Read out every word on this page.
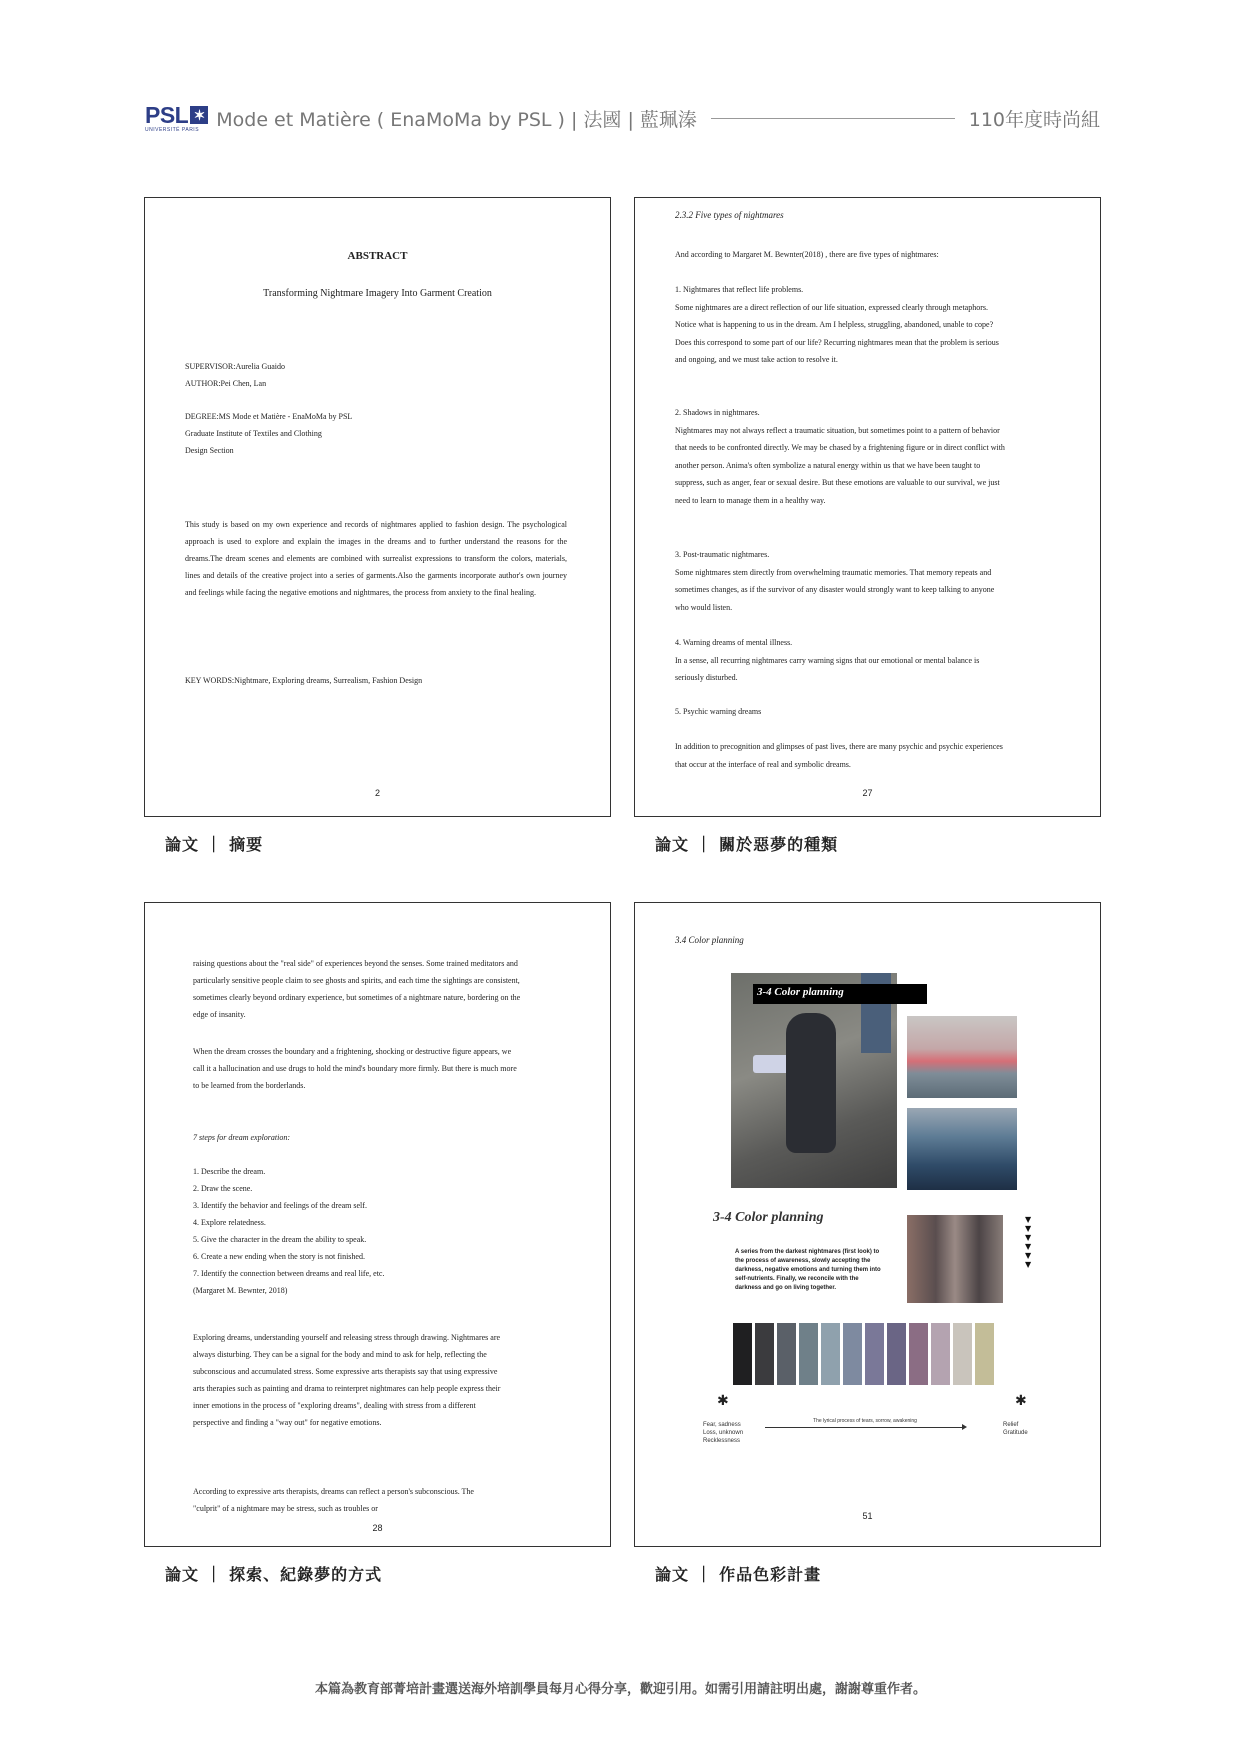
PSL ✶
UNIVERSITÉ PARIS Mode et Matière ( EnaMoMa by PSL ) | 法國 | 藍珮溱	110年度時尚組
ABSTRACT
Transforming Nightmare Imagery Into Garment Creation
SUPERVISOR:Aurelia Guaido
AUTHOR:Pei Chen, Lan
DEGREE:MS Mode et Matière - EnaMoMa by PSL
Graduate Institute of Textiles and Clothing
Design Section
This study is based on my own experience and records of nightmares applied to fashion design. The psychological approach is used to explore and explain the images in the dreams and to further understand the reasons for the dreams.The dream scenes and elements are combined with surrealist expressions to transform the colors, materials, lines and details of the creative project into a series of garments.Also the garments incorporate author's own journey and feelings while facing the negative emotions and nightmares, the process from anxiety to the final healing.
KEY WORDS:Nightmare, Exploring dreams, Surrealism, Fashion Design
2
2.3.2 Five types of nightmares
And according to Margaret M. Bewnter(2018) , there are five types of nightmares:
1. Nightmares that reflect life problems.
Some nightmares are a direct reflection of our life situation, expressed clearly through metaphors. Notice what is happening to us in the dream. Am I helpless, struggling, abandoned, unable to cope? Does this correspond to some part of our life? Recurring nightmares mean that the problem is serious and ongoing, and we must take action to resolve it.
2. Shadows in nightmares.
Nightmares may not always reflect a traumatic situation, but sometimes point to a pattern of behavior that needs to be confronted directly. We may be chased by a frightening figure or in direct conflict with another person. Anima's often symbolize a natural energy within us that we have been taught to suppress, such as anger, fear or sexual desire. But these emotions are valuable to our survival, we just need to learn to manage them in a healthy way.
3. Post-traumatic nightmares.
Some nightmares stem directly from overwhelming traumatic memories. That memory repeats and sometimes changes, as if the survivor of any disaster would strongly want to keep talking to anyone who would listen.
4. Warning dreams of mental illness.
In a sense, all recurring nightmares carry warning signs that our emotional or mental balance is seriously disturbed.
5. Psychic warning dreams
In addition to precognition and glimpses of past lives, there are many psychic and psychic experiences that occur at the interface of real and symbolic dreams.
27
raising questions about the "real side" of experiences beyond the senses. Some trained meditators and particularly sensitive people claim to see ghosts and spirits, and each time the sightings are consistent, sometimes clearly beyond ordinary experience, but sometimes of a nightmare nature, bordering on the edge of insanity.
When the dream crosses the boundary and a frightening, shocking or destructive figure appears, we call it a hallucination and use drugs to hold the mind's boundary more firmly. But there is much more to be learned from the borderlands.
7 steps for dream exploration:
1. Describe the dream.
2. Draw the scene.
3. Identify the behavior and feelings of the dream self.
4. Explore relatedness.
5. Give the character in the dream the ability to speak.
6. Create a new ending when the story is not finished.
7. Identify the connection between dreams and real life, etc.
(Margaret M. Bewnter, 2018)
Exploring dreams, understanding yourself and releasing stress through drawing. Nightmares are always disturbing. They can be a signal for the body and mind to ask for help, reflecting the subconscious and accumulated stress. Some expressive arts therapists say that using expressive arts therapies such as painting and drama to reinterpret nightmares can help people express their inner emotions in the process of "exploring dreams", dealing with stress from a different perspective and finding a "way out" for negative emotions.
According to expressive arts therapists, dreams can reflect a person's subconscious. The "culprit" of a nightmare may be stress, such as troubles or
28
3.4 Color planning
3-4 Color planning
3-4 Color planning
A series from the darkest nightmares (first look) to the process of awareness, slowly accepting the darkness, negative emotions and turning them into self-nutrients. Finally, we reconcile with the darkness and go on living together.
▼
▼
▼
▼
▼
▼
✱	✱
Fear, sadness
Loss, unknown
Recklessness
The lyrical process of tears, sorrow, awakening
Relief
Gratitude
51
論文 ｜ 摘要	論文 ｜ 關於惡夢的種類
論文 ｜ 探索、紀錄夢的方式	論文 ｜ 作品色彩計畫
本篇為教育部菁培計畫選送海外培訓學員每月心得分享，歡迎引用。如需引用請註明出處，謝謝尊重作者。
